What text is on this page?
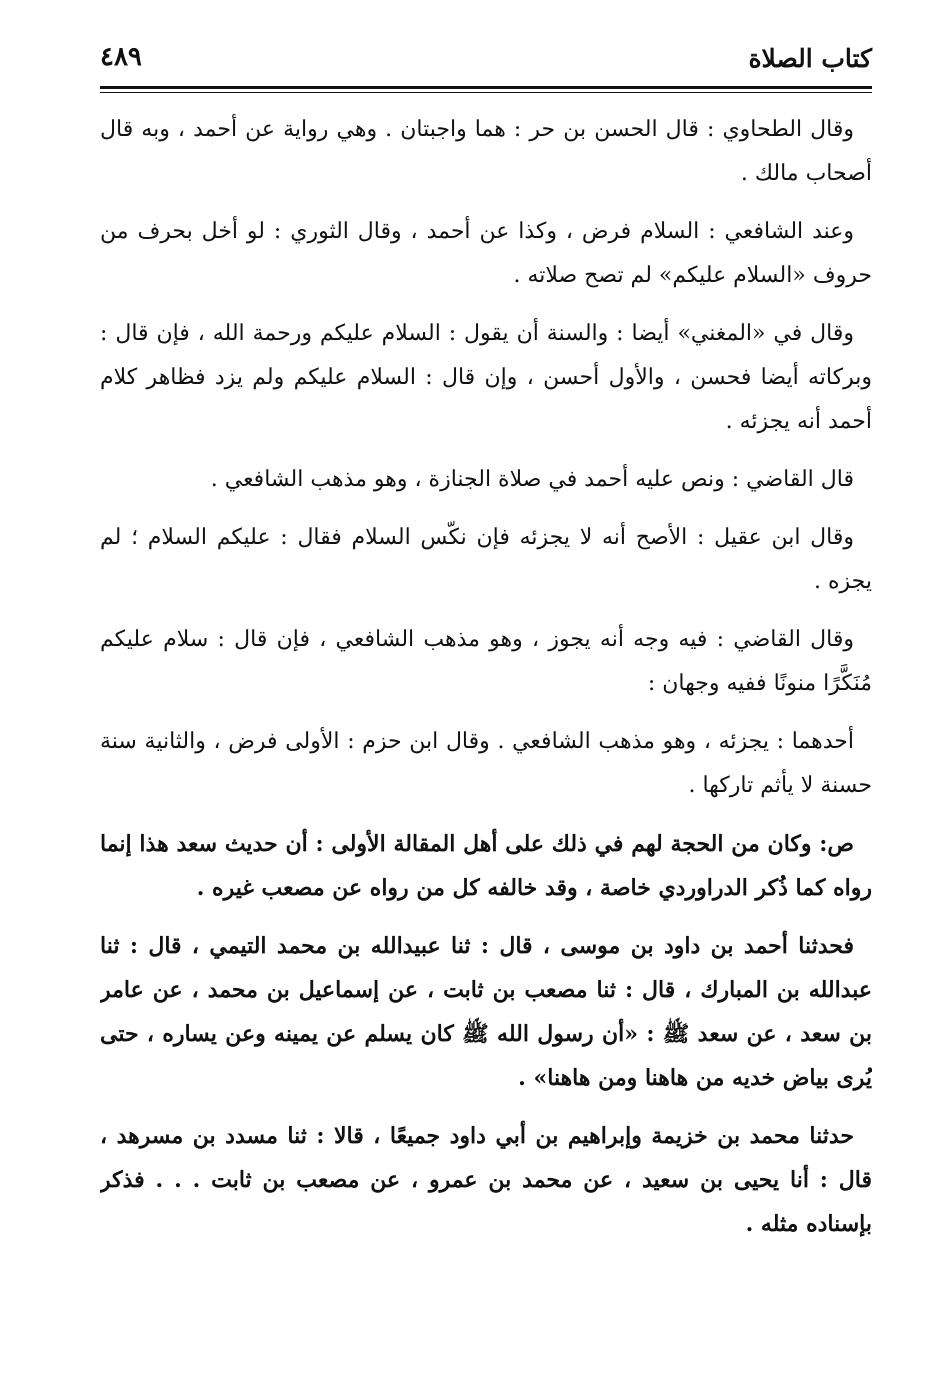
كتاب الصلاة
٤٨٩

وقال الطحاوي : قال الحسن بن حر : هما واجبتان . وهي رواية عن أحمد ، وبه قال أصحاب مالك .

وعند الشافعي : السلام فرض ، وكذا عن أحمد ، وقال الثوري : لو أخل بحرف من حروف «السلام عليكم» لم تصح صلاته .

وقال في «المغني» أيضا : والسنة أن يقول : السلام عليكم ورحمة الله ، فإن قال : وبركاته أيضا فحسن ، والأول أحسن ، وإن قال : السلام عليكم ولم يزد فظاهر كلام أحمد أنه يجزئه .

قال القاضي : ونص عليه أحمد في صلاة الجنازة ، وهو مذهب الشافعي .

وقال ابن عقيل : الأصح أنه لا يجزئه فإن نكّس السلام فقال : عليكم السلام ؛ لم يجزه .

وقال القاضي : فيه وجه أنه يجوز ، وهو مذهب الشافعي ، فإن قال : سلام عليكم مُنَكَّرًا منونًا ففيه وجهان :

أحدهما : يجزئه ، وهو مذهب الشافعي . وقال ابن حزم : الأولى فرض ، والثانية سنة حسنة لا يأثم تاركها .

ص: وكان من الحجة لهم في ذلك على أهل المقالة الأولى : أن حديث سعد هذا إنما رواه كما ذُكر الدراوردي خاصة ، وقد خالفه كل من رواه عن مصعب غيره .

فحدثنا أحمد بن داود بن موسى ، قال : ثنا عبيدالله بن محمد التيمي ، قال : ثنا عبدالله بن المبارك ، قال : ثنا مصعب بن ثابت ، عن إسماعيل بن محمد ، عن عامر بن سعد ، عن سعد ﷺ : «أن رسول الله ﷺ كان يسلم عن يمينه وعن يساره ، حتى يُرى بياض خديه من هاهنا ومن هاهنا» .

حدثنا محمد بن خزيمة وإبراهيم بن أبي داود جميعًا ، قالا : ثنا مسدد بن مسرهد ، قال : أنا يحيى بن سعيد ، عن محمد بن عمرو ، عن مصعب بن ثابت . . . فذكر بإسناده مثله .
